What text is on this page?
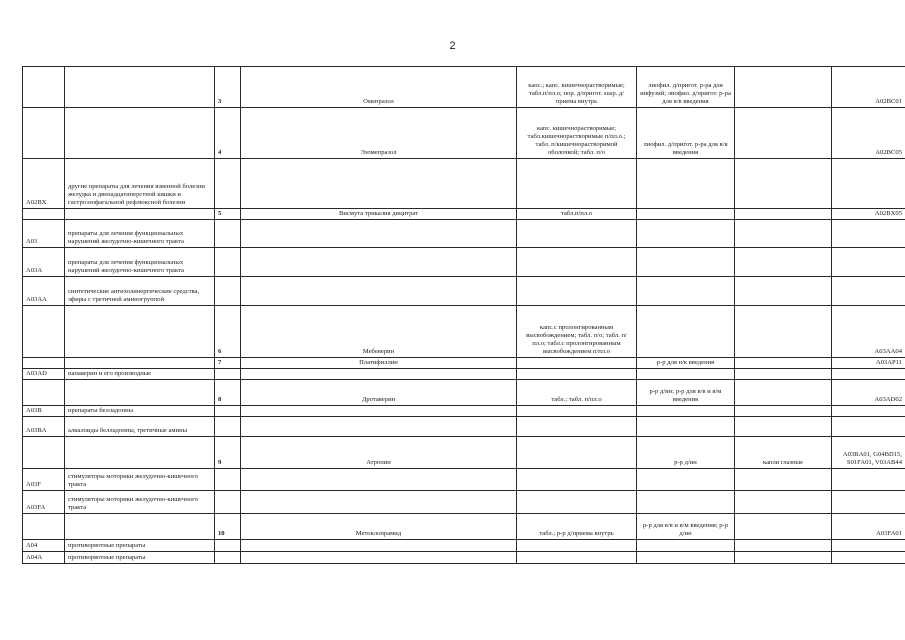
2
		3	Омепразол	капс.; капс. кишечнорастворимые; табл.п/пл.о; пор. д/пригот. susp. д/приема внутрь	лиофил. д/пригот. р-ра для инфузий; лиофил. д/пригот. р-ра для в/в введения		A02BC01
		4	Эзомепразол	капс. кишечнорастворимые; табл.кишечнорастворимые п/пл.о.; табл. п/кишечнорастворимой оболочкой; табл. п/о	лиофил. д/пригот. р-ра для в/в введения		A02BC05
A02BX	другие препараты для лечения язвенной болезни желудка и двенадцатиперстной кишки и гастроэзофагальной рефлюксной болезни						
		5	Висмута трикалия дицитрат	табл.п/пл.о			A02BX05
A03	препараты для лечения функциональных нарушений желудочно-кишечного тракта						
A03A	препараты для лечения функциональных нарушений желудочно-кишечного тракта						
A03AA	синтетические антихолинергические средства, эфиры с третичной аминогруппой						
		6	Мебеверин	капс.с пролонгированным высвобождением; табл. п/о; табл. п/пл.о; табл.с пролонгированным высвобождением п/пл.о			A03AA04
		7	Платифиллин		р-р для п/к введения		A03AP11
A03AD	папаверин и его производные						
		8	Дротаверин	табл.; табл. п/пл.о	р-р д/ин; р-р для в/в и в/м введения		A03AD02
A03B	препараты белладонны						
A03BA	алкалоиды белладонны, третичные амины						
		9	Атропин		р-р д/ин	капли глазные	A03BA01, G04BD15, S01FA01, V03AB44
A03F	стимуляторы моторики желудочно-кишечного тракта						
A03FA	стимуляторы моторики желудочно-кишечного тракта						
		10	Метоклопрамид	табл.; р-р д/приема внутрь	р-р для в/в и в/м введения; р-р д/ин		A03FA01
A04	противорвотные препараты						
A04A	противорвотные препараты						
